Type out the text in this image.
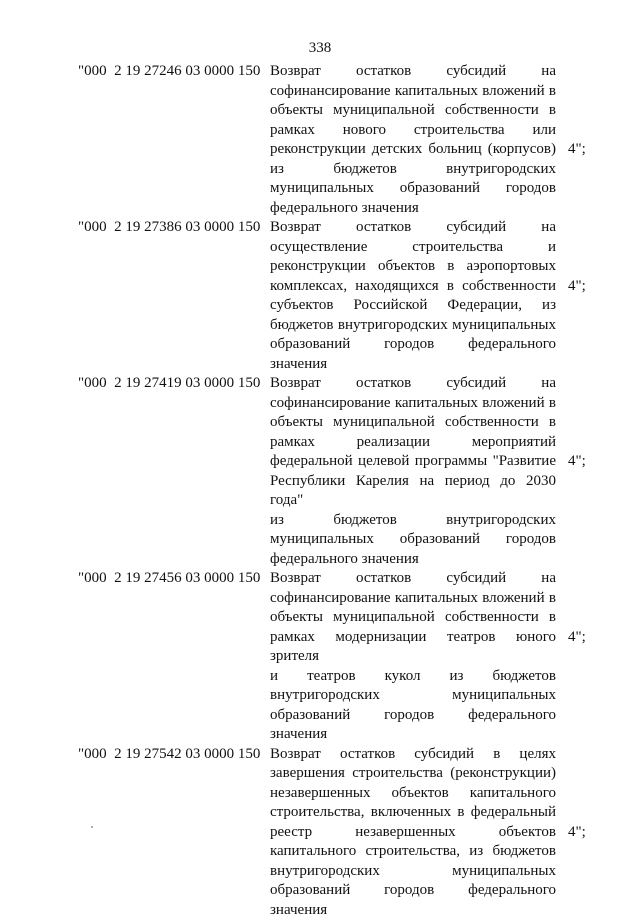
338
"000  2 19 27246 03 0000 150 Возврат остатков субсидий на
софинансирование капитальных вложений в
объекты муниципальной собственности в
рамках нового строительства или
реконструкции детских больниц (корпусов)
из бюджетов внутригородских
муниципальных образований городов
федерального значения
4";
"000  2 19 27386 03 0000 150 Возврат остатков субсидий на
осуществление строительства и
реконструкции объектов в аэропортовых
комплексах, находящихся в собственности
субъектов Российской Федерации, из
бюджетов внутригородских муниципальных
образований городов федерального значения
4";
"000  2 19 27419 03 0000 150 Возврат остатков субсидий на
софинансирование капитальных вложений в
объекты муниципальной собственности в
рамках реализации мероприятий
федеральной целевой программы "Развитие
Республики Карелия на период до 2030 года"
из бюджетов внутригородских
муниципальных образований городов
федерального значения
4";
"000  2 19 27456 03 0000 150 Возврат остатков субсидий на
софинансирование капитальных вложений в
объекты муниципальной собственности в
рамках модернизации театров юного зрителя
и театров кукол из бюджетов
внутригородских муниципальных
образований городов федерального значения
4";
"000  2 19 27542 03 0000 150 Возврат остатков субсидий в целях
завершения строительства (реконструкции)
незавершенных объектов капитального
строительства, включенных в федеральный
реестр незавершенных объектов
капитального строительства, из бюджетов
внутригородских муниципальных
образований городов федерального значения
4";
